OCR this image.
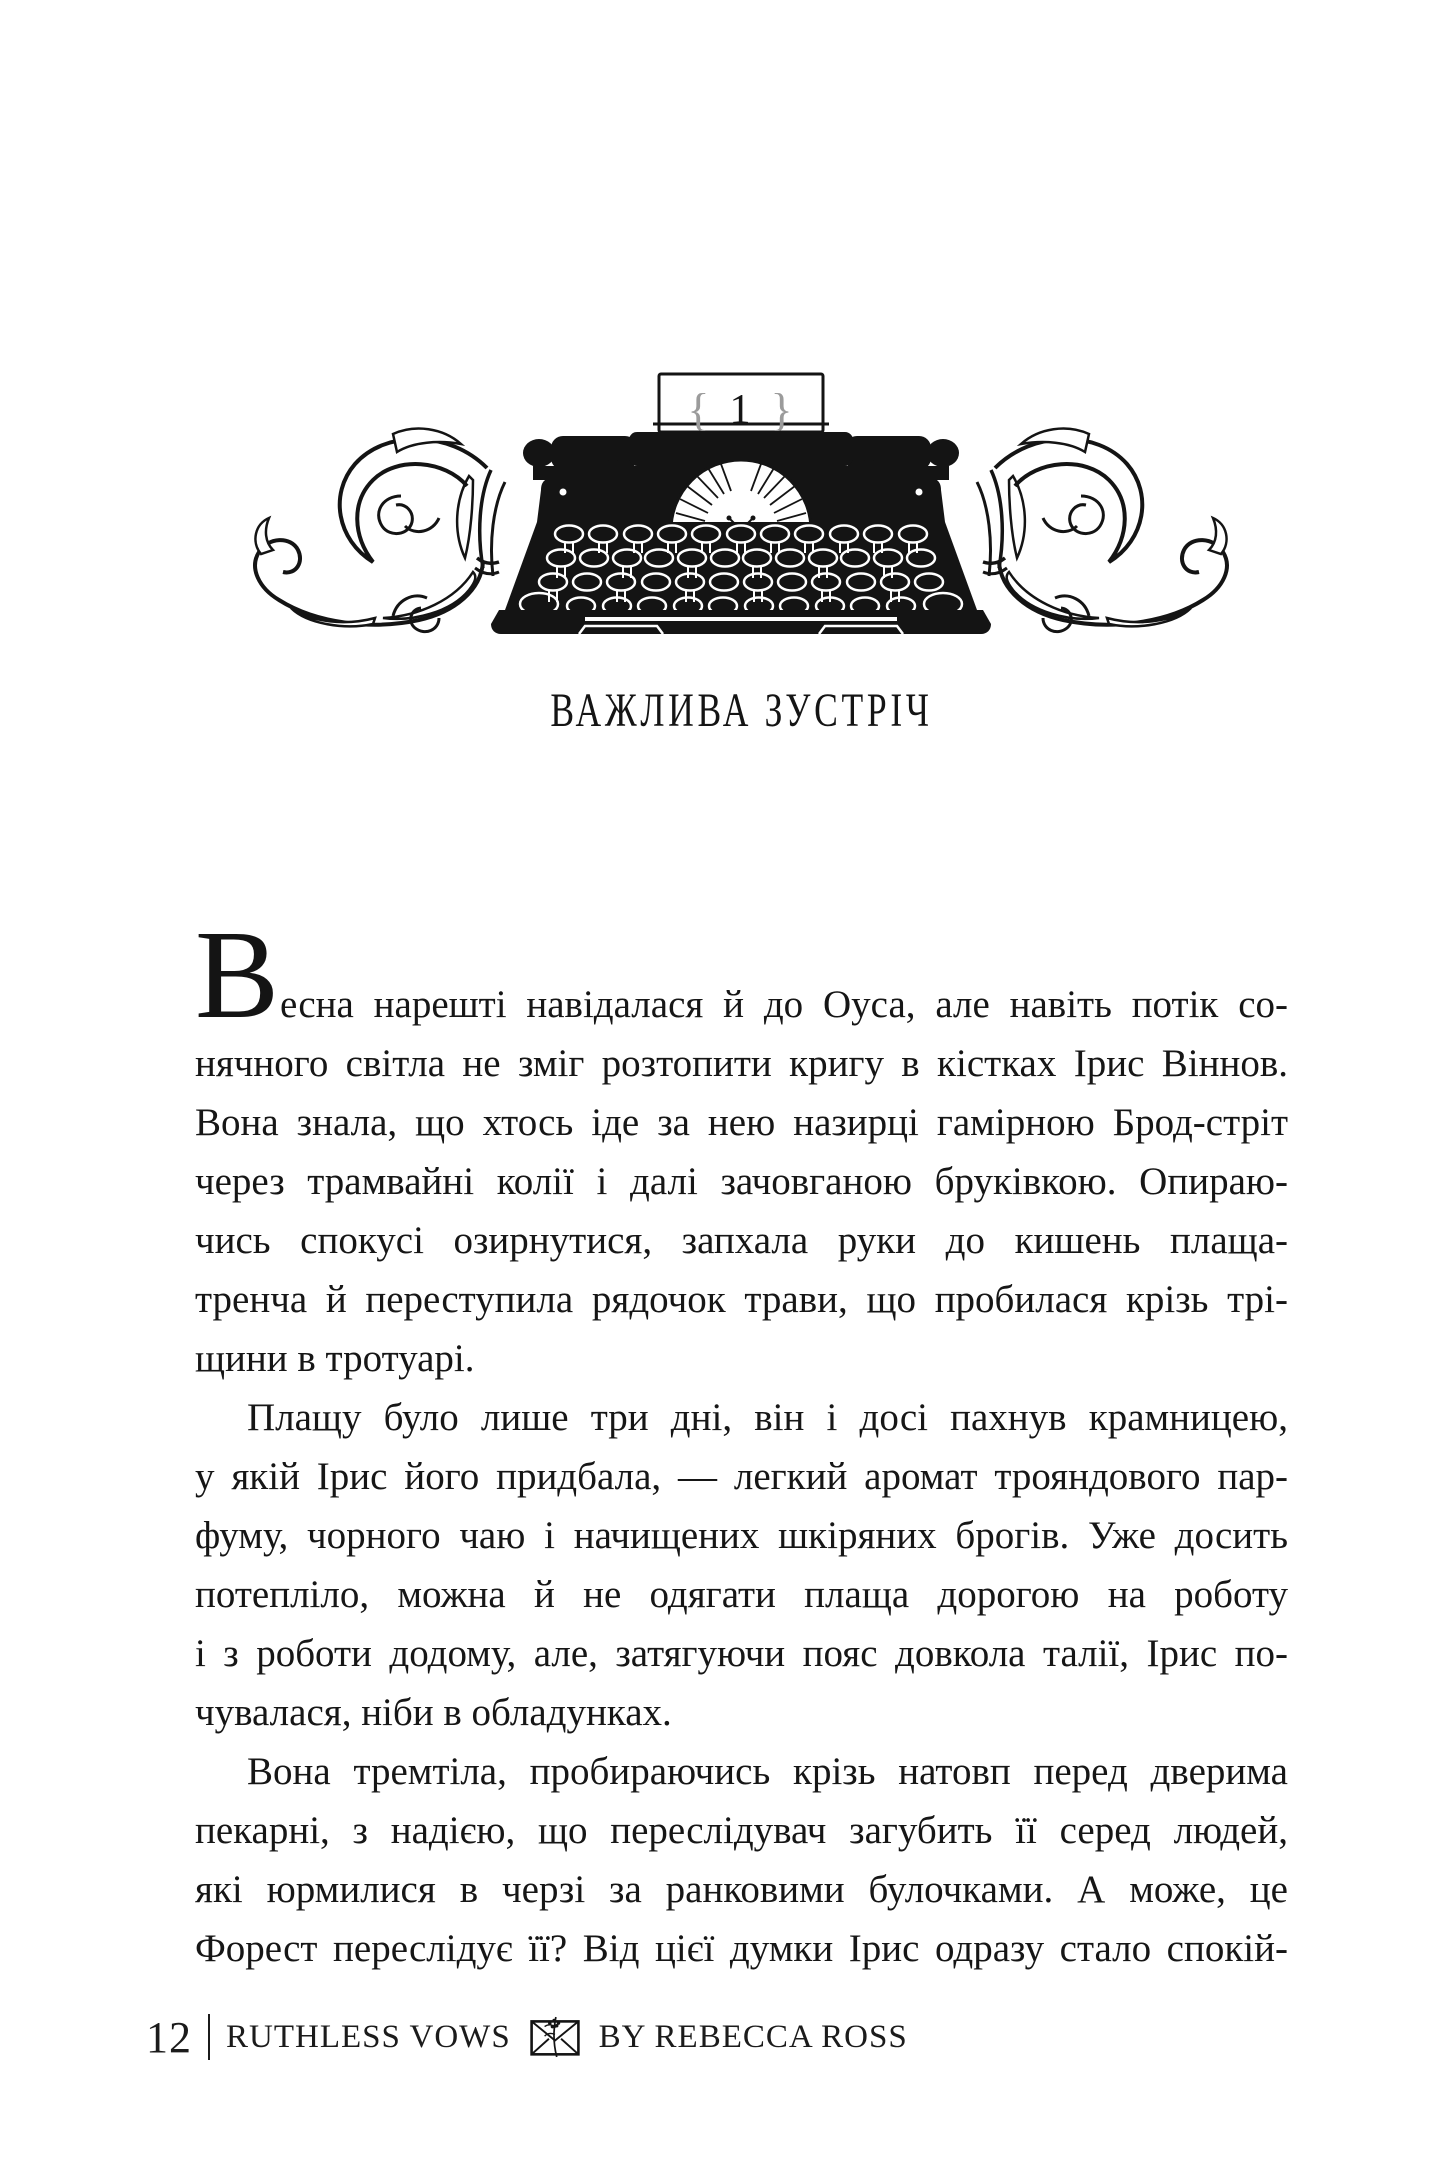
{ 1 }
ВАЖЛИВА ЗУСТРІЧ
Весна нарешті навідалася й до Оуса, але навіть потік со-
нячного світла не зміг розтопити кригу в кістках Ірис Віннов.
Вона знала, що хтось іде за нею назирці гамірною Брод-стріт
через трамвайні колії і далі зачовганою бруківкою. Опираю-
чись спокусі озирнутися, запхала руки до кишень плаща-
тренча й переступила рядочок трави, що пробилася крізь трі-
щини в тротуарі.
Плащу було лише три дні, він і досі пахнув крамницею,
у якій Ірис його придбала, — легкий аромат трояндового пар-
фуму, чорного чаю і начищених шкіряних брогів. Уже досить
потепліло, можна й не одягати плаща дорогою на роботу
і з роботи додому, але, затягуючи пояс довкола талії, Ірис по-
чувалася, ніби в обладунках.
Вона тремтіла, пробираючись крізь натовп перед дверима
пекарні, з надією, що переслідувач загубить її серед людей,
які юрмилися в черзі за ранковими булочками. А може, це
Форест переслідує її? Від цієї думки Ірис одразу стало спокій-
12 RUTHLESS VOWS	BY REBECCA ROSS
